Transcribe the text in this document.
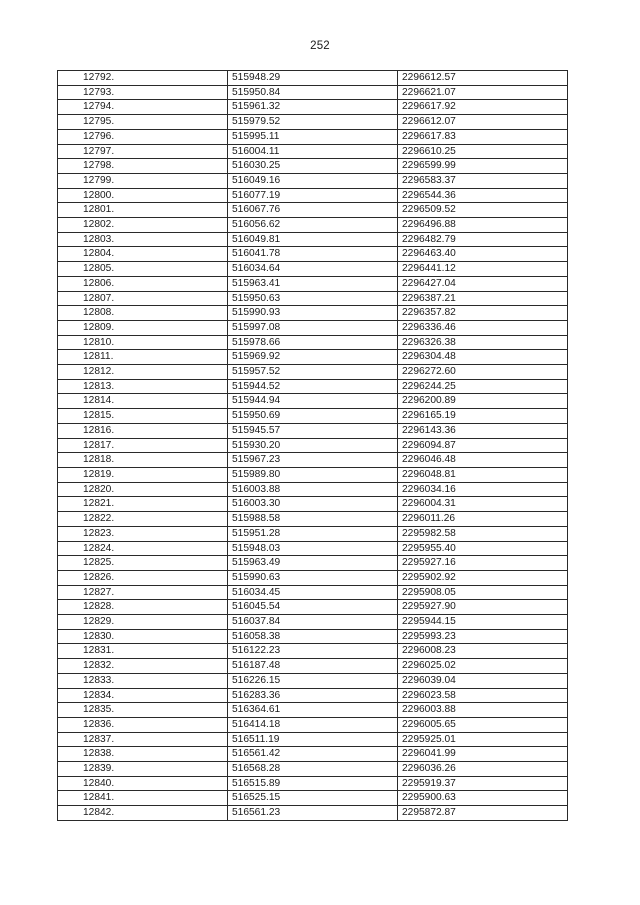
252
12792.	515948.29	2296612.57
12793.	515950.84	2296621.07
12794.	515961.32	2296617.92
12795.	515979.52	2296612.07
12796.	515995.11	2296617.83
12797.	516004.11	2296610.25
12798.	516030.25	2296599.99
12799.	516049.16	2296583.37
12800.	516077.19	2296544.36
12801.	516067.76	2296509.52
12802.	516056.62	2296496.88
12803.	516049.81	2296482.79
12804.	516041.78	2296463.40
12805.	516034.64	2296441.12
12806.	515963.41	2296427.04
12807.	515950.63	2296387.21
12808.	515990.93	2296357.82
12809.	515997.08	2296336.46
12810.	515978.66	2296326.38
12811.	515969.92	2296304.48
12812.	515957.52	2296272.60
12813.	515944.52	2296244.25
12814.	515944.94	2296200.89
12815.	515950.69	2296165.19
12816.	515945.57	2296143.36
12817.	515930.20	2296094.87
12818.	515967.23	2296046.48
12819.	515989.80	2296048.81
12820.	516003.88	2296034.16
12821.	516003.30	2296004.31
12822.	515988.58	2296011.26
12823.	515951.28	2295982.58
12824.	515948.03	2295955.40
12825.	515963.49	2295927.16
12826.	515990.63	2295902.92
12827.	516034.45	2295908.05
12828.	516045.54	2295927.90
12829.	516037.84	2295944.15
12830.	516058.38	2295993.23
12831.	516122.23	2296008.23
12832.	516187.48	2296025.02
12833.	516226.15	2296039.04
12834.	516283.36	2296023.58
12835.	516364.61	2296003.88
12836.	516414.18	2296005.65
12837.	516511.19	2295925.01
12838.	516561.42	2296041.99
12839.	516568.28	2296036.26
12840.	516515.89	2295919.37
12841.	516525.15	2295900.63
12842.	516561.23	2295872.87
